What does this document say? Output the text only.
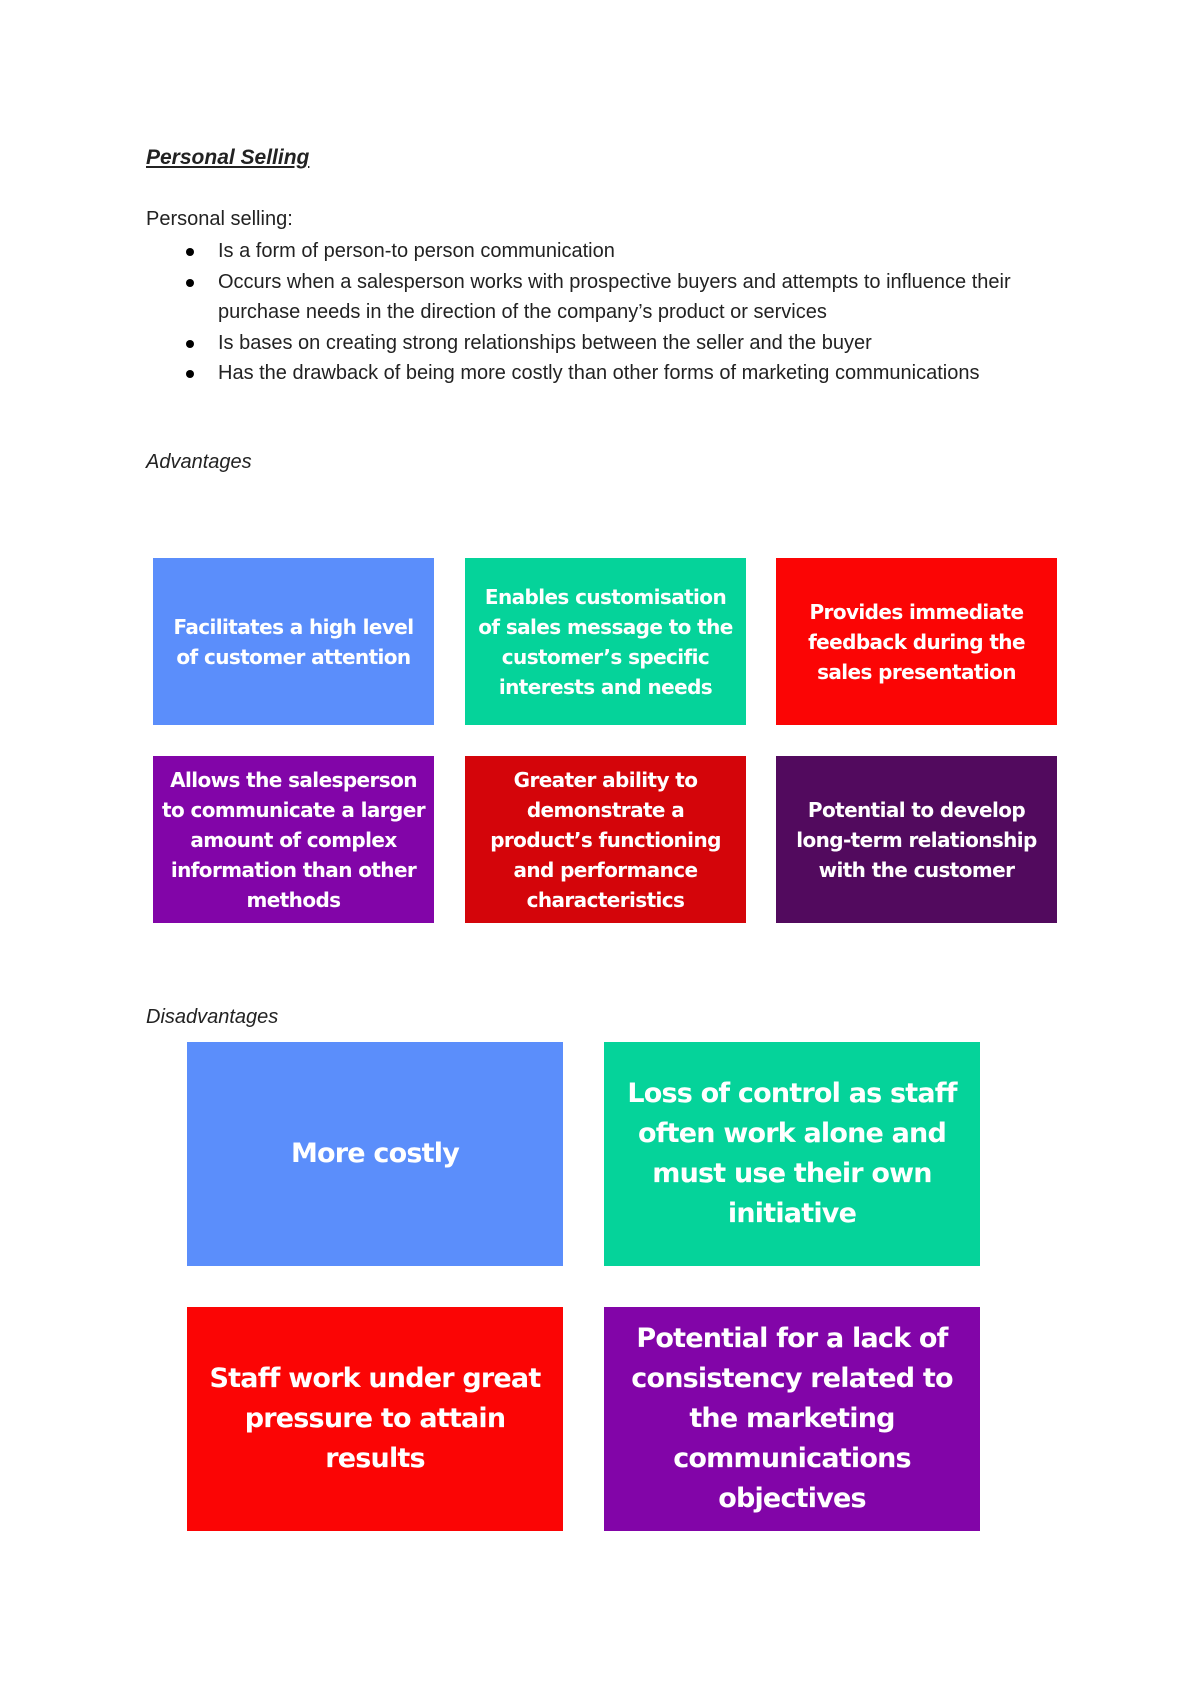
Personal Selling

Personal selling:

Is a form of person-to person communication
Occurs when a salesperson works with prospective buyers and attempts to influence their purchase needs in the direction of the company’s product or services
Is bases on creating strong relationships between the seller and the buyer
Has the drawback of being more costly than other forms of marketing communications

Advantages

Facilitates a high level of customer attention
Enables customisation of sales message to the customer’s specific interests and needs
Provides immediate feedback during the sales presentation
Allows the salesperson to communicate a larger amount of complex information than other methods
Greater ability to demonstrate a product’s functioning and performance characteristics
Potential to develop long-term relationship with the customer

Disadvantages

More costly
Loss of control as staff often work alone and must use their own initiative
Staff work under great pressure to attain results
Potential for a lack of consistency related to the marketing communications objectives
